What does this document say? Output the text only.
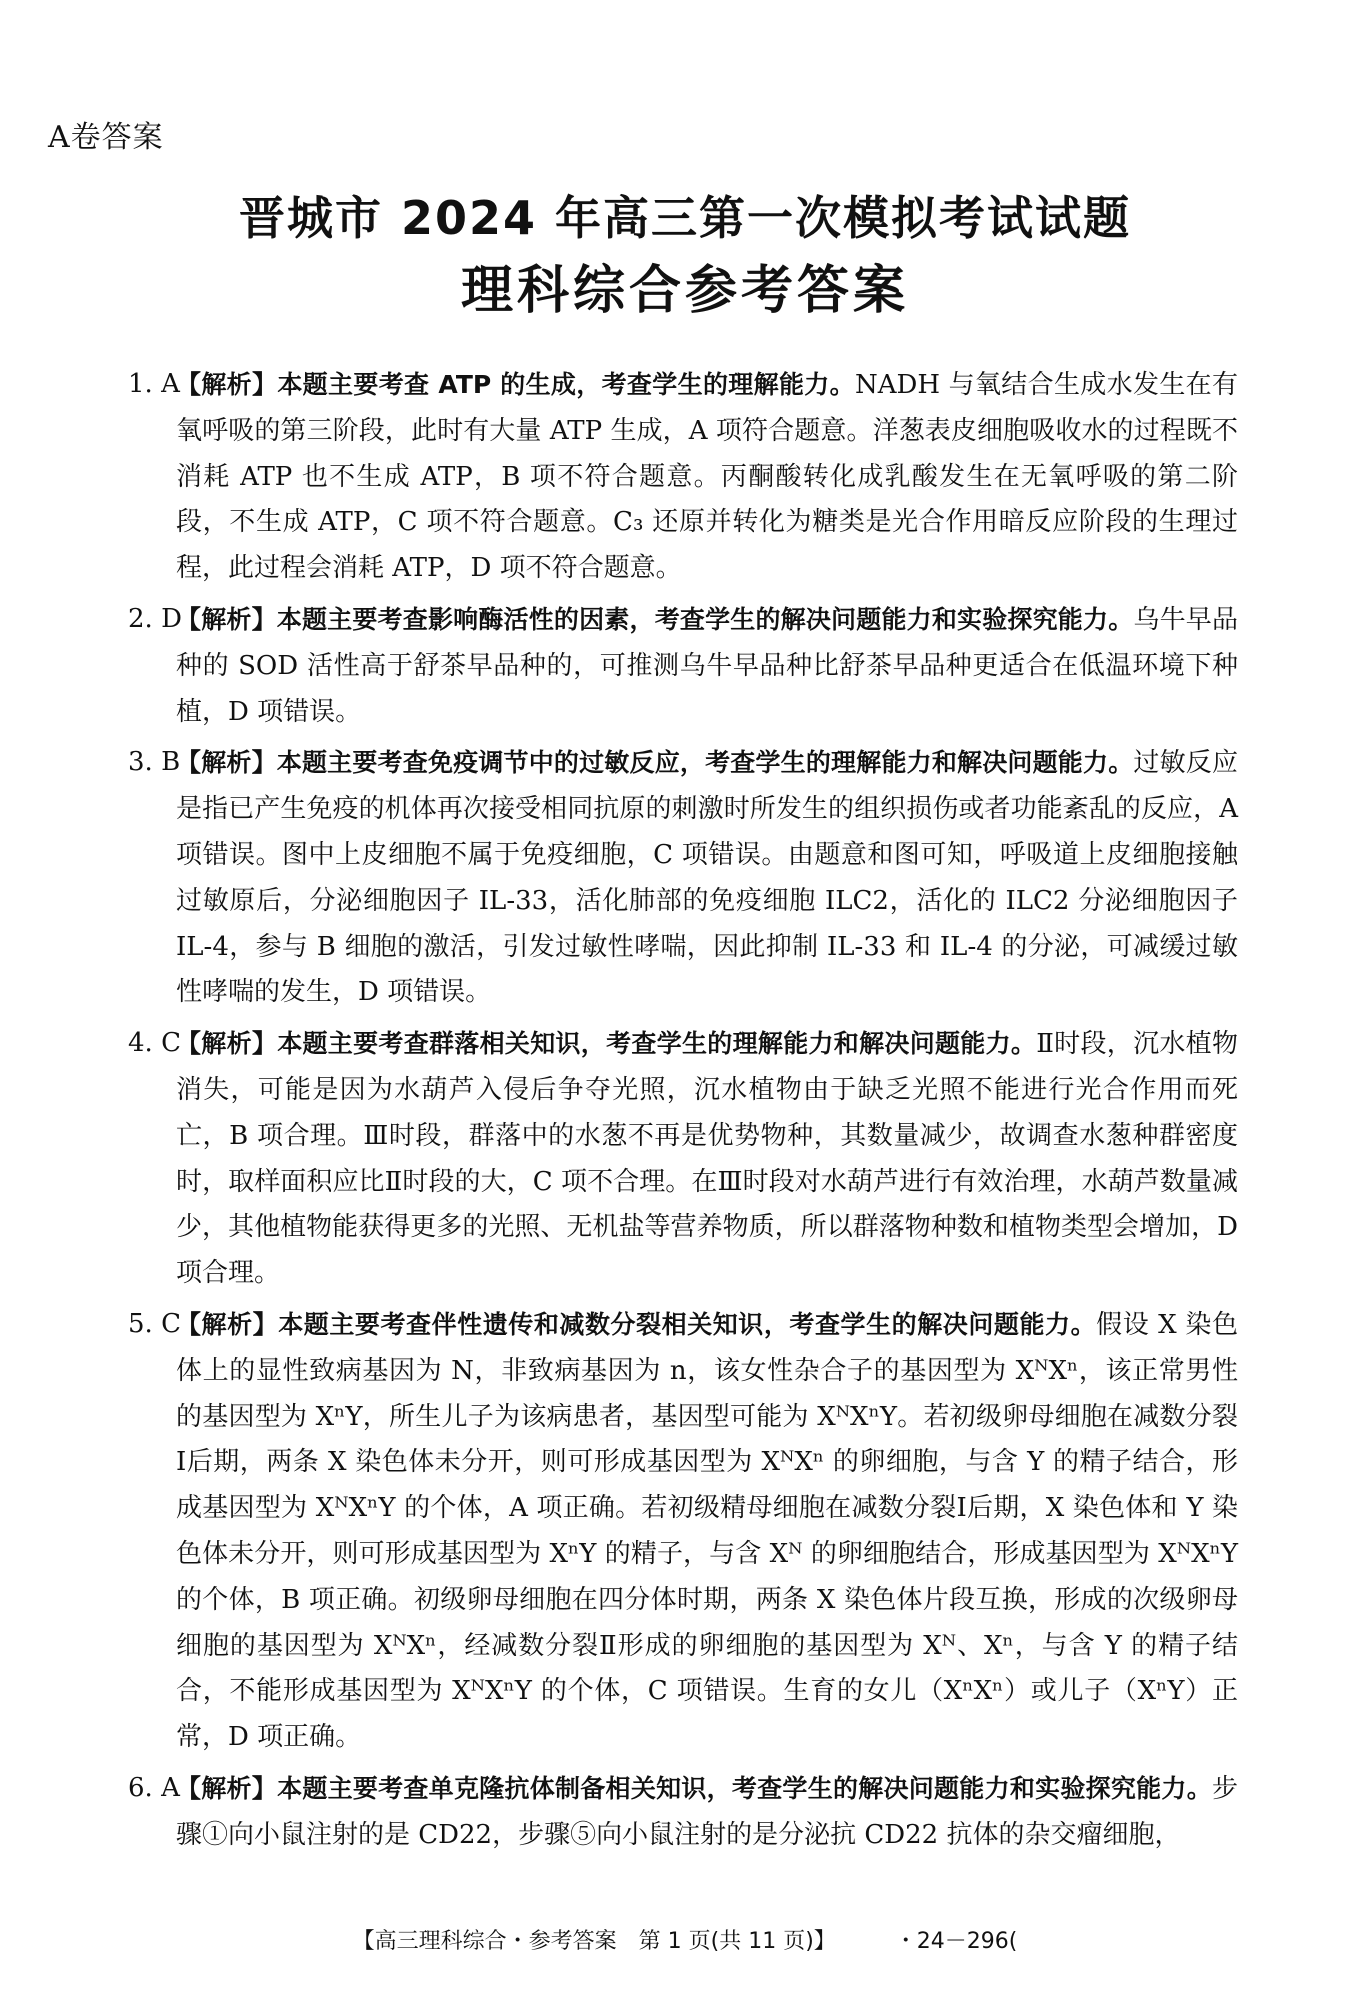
A卷答案
晋城市 2024 年高三第一次模拟考试试题
理科综合参考答案
1. A
【解析】本题主要考查 ATP 的生成，考查学生的理解能力。NADH 与氧结合生成水发生在有氧呼吸的第三阶段，此时有大量 ATP 生成，A 项符合题意。洋葱表皮细胞吸收水的过程既不消耗 ATP 也不生成 ATP，B 项不符合题意。丙酮酸转化成乳酸发生在无氧呼吸的第二阶段，不生成 ATP，C 项不符合题意。C₃ 还原并转化为糖类是光合作用暗反应阶段的生理过程，此过程会消耗 ATP，D 项不符合题意。
2. D
【解析】本题主要考查影响酶活性的因素，考查学生的解决问题能力和实验探究能力。乌牛早品种的 SOD 活性高于舒茶早品种的，可推测乌牛早品种比舒茶早品种更适合在低温环境下种植，D 项错误。
3. B
【解析】本题主要考查免疫调节中的过敏反应，考查学生的理解能力和解决问题能力。过敏反应是指已产生免疫的机体再次接受相同抗原的刺激时所发生的组织损伤或者功能紊乱的反应，A 项错误。图中上皮细胞不属于免疫细胞，C 项错误。由题意和图可知，呼吸道上皮细胞接触过敏原后，分泌细胞因子 IL-33，活化肺部的免疫细胞 ILC2，活化的 ILC2 分泌细胞因子 IL-4，参与 B 细胞的激活，引发过敏性哮喘，因此抑制 IL-33 和 IL-4 的分泌，可减缓过敏性哮喘的发生，D 项错误。
4. C
【解析】本题主要考查群落相关知识，考查学生的理解能力和解决问题能力。Ⅱ时段，沉水植物消失，可能是因为水葫芦入侵后争夺光照，沉水植物由于缺乏光照不能进行光合作用而死亡，B 项合理。Ⅲ时段，群落中的水葱不再是优势物种，其数量减少，故调查水葱种群密度时，取样面积应比Ⅱ时段的大，C 项不合理。在Ⅲ时段对水葫芦进行有效治理，水葫芦数量减少，其他植物能获得更多的光照、无机盐等营养物质，所以群落物种数和植物类型会增加，D 项合理。
5. C
【解析】本题主要考查伴性遗传和减数分裂相关知识，考查学生的解决问题能力。假设 X 染色体上的显性致病基因为 N，非致病基因为 n，该女性杂合子的基因型为 XᴺXⁿ，该正常男性的基因型为 XⁿY，所生儿子为该病患者，基因型可能为 XᴺXⁿY。若初级卵母细胞在减数分裂Ⅰ后期，两条 X 染色体未分开，则可形成基因型为 XᴺXⁿ 的卵细胞，与含 Y 的精子结合，形成基因型为 XᴺXⁿY 的个体，A 项正确。若初级精母细胞在减数分裂Ⅰ后期，X 染色体和 Y 染色体未分开，则可形成基因型为 XⁿY 的精子，与含 Xᴺ 的卵细胞结合，形成基因型为 XᴺXⁿY 的个体，B 项正确。初级卵母细胞在四分体时期，两条 X 染色体片段互换，形成的次级卵母细胞的基因型为 XᴺXⁿ，经减数分裂Ⅱ形成的卵细胞的基因型为 Xᴺ、Xⁿ，与含 Y 的精子结合，不能形成基因型为 XᴺXⁿY 的个体，C 项错误。生育的女儿（XⁿXⁿ）或儿子（XⁿY）正常，D 项正确。
6. A
【解析】本题主要考查单克隆抗体制备相关知识，考查学生的解决问题能力和实验探究能力。步骤①向小鼠注射的是 CD22，步骤⑤向小鼠注射的是分泌抗 CD22 抗体的杂交瘤细胞，
【高三理科综合・参考答案　第 1 页(共 11 页)】	・24－296(
